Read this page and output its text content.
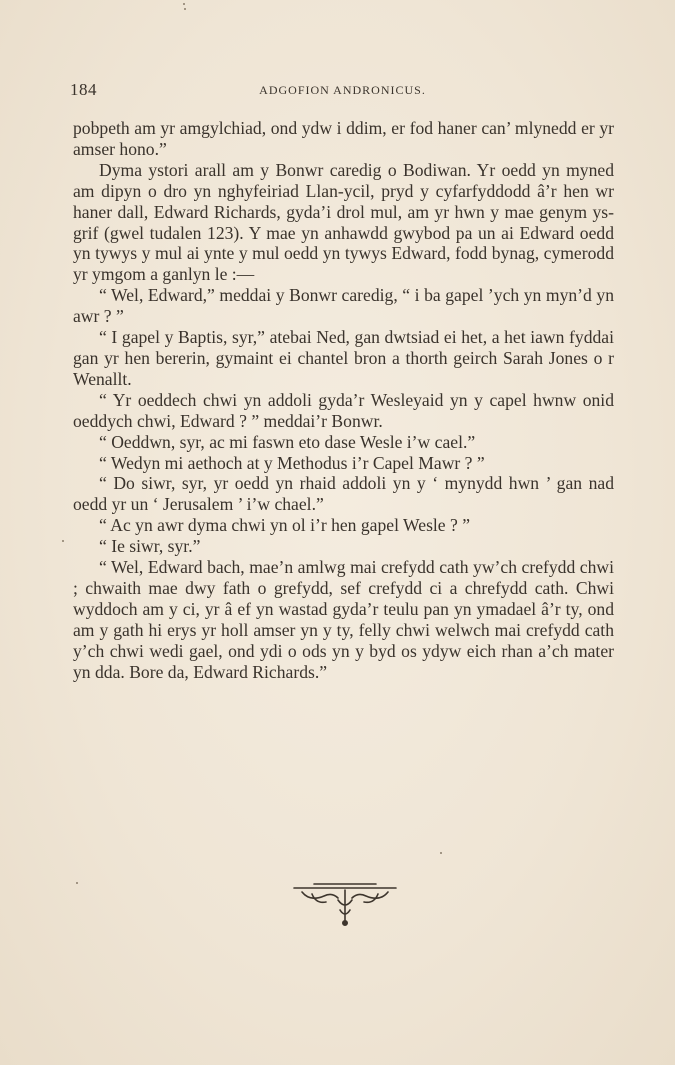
184	ADGOFION ANDRONICUS.

pobpeth am yr amgylchiad, ond ydw i ddim, er fod haner can’ mlynedd er yr amser hono.”

Dyma ystori arall am y Bonwr caredig o Bodiwan. Yr oedd yn myned am dipyn o dro yn nghyfeiriad Llan-ycil, pryd y cyfarfyddodd â’r hen wr haner dall, Edward Richards, gyda’i drol mul, am yr hwn y mae genym ys-grif (gwel tudalen 123). Y mae yn anhawdd gwybod pa un ai Edward oedd yn tywys y mul ai ynte y mul oedd yn tywys Edward, fodd bynag, cymerodd yr ymgom a ganlyn le :—

“ Wel, Edward,” meddai y Bonwr caredig, “ i ba gapel ’ych yn myn’d yn awr ? ”

“ I gapel y Baptis, syr,” atebai Ned, gan dwtsiad ei het, a het iawn fyddai gan yr hen bererin, gymaint ei chantel bron a thorth geirch Sarah Jones o r Wenallt.

“ Yr oeddech chwi yn addoli gyda’r Wesleyaid yn y capel hwnw onid oeddych chwi, Edward ? ” meddai’r Bonwr.

“ Oeddwn, syr, ac mi faswn eto dase Wesle i’w cael.”

“ Wedyn mi aethoch at y Methodus i’r Capel Mawr ? ”

“ Do siwr, syr, yr oedd yn rhaid addoli yn y ‘ mynydd hwn ’ gan nad oedd yr un ‘ Jerusalem ’ i’w chael.”

“ Ac yn awr dyma chwi yn ol i’r hen gapel Wesle ? ”

“ Ie siwr, syr.”

“ Wel, Edward bach, mae’n amlwg mai crefydd cath yw’ch crefydd chwi ; chwaith mae dwy fath o grefydd, sef crefydd ci a chrefydd cath. Chwi wyddoch am y ci, yr â ef yn wastad gyda’r teulu pan yn ymadael â’r ty, ond am y gath hi erys yr holl amser yn y ty, felly chwi welwch mai crefydd cath y’ch chwi wedi gael, ond ydi o ods yn y byd os ydyw eich rhan a’ch mater yn dda. Bore da, Edward Richards.”
